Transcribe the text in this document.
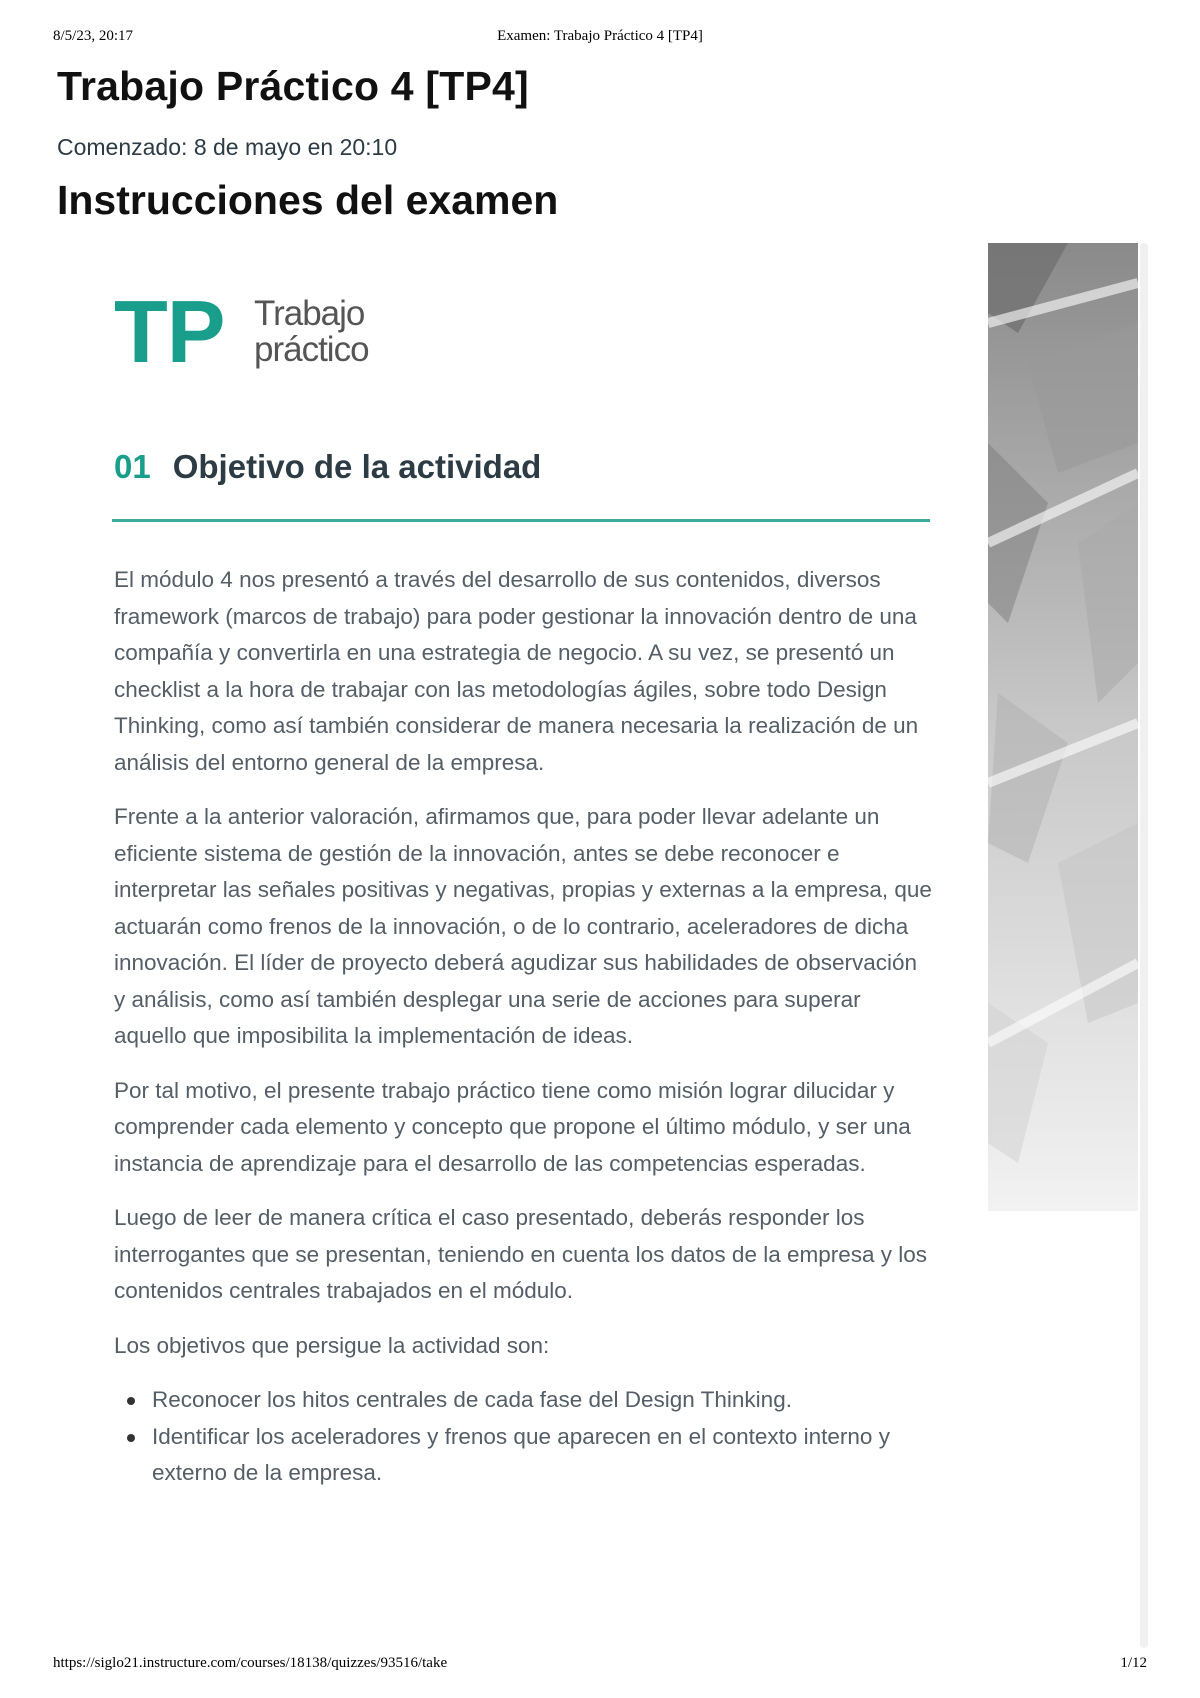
8/5/23, 20:17	Examen: Trabajo Práctico 4 [TP4]
Trabajo Práctico 4 [TP4]
Comenzado: 8 de mayo en 20:10
Instrucciones del examen
TP Trabajo
práctico
01 Objetivo de la actividad

El módulo 4 nos presentó a través del desarrollo de sus contenidos, diversos framework (marcos de trabajo) para poder gestionar la innovación dentro de una compañía y convertirla en una estrategia de negocio. A su vez, se presentó un checklist a la hora de trabajar con las metodologías ágiles, sobre todo Design Thinking, como así también considerar de manera necesaria la realización de un análisis del entorno general de la empresa.

Frente a la anterior valoración, afirmamos que, para poder llevar adelante un eficiente sistema de gestión de la innovación, antes se debe reconocer e interpretar las señales positivas y negativas, propias y externas a la empresa, que actuarán como frenos de la innovación, o de lo contrario, aceleradores de dicha innovación. El líder de proyecto deberá agudizar sus habilidades de observación y análisis, como así también desplegar una serie de acciones para superar aquello que imposibilita la implementación de ideas.

Por tal motivo, el presente trabajo práctico tiene como misión lograr dilucidar y comprender cada elemento y concepto que propone el último módulo, y ser una instancia de aprendizaje para el desarrollo de las competencias esperadas.

Luego de leer de manera crítica el caso presentado, deberás responder los interrogantes que se presentan, teniendo en cuenta los datos de la empresa y los contenidos centrales trabajados en el módulo.

Los objetivos que persigue la actividad son:

Reconocer los hitos centrales de cada fase del Design Thinking.
Identificar los aceleradores y frenos que aparecen en el contexto interno y externo de la empresa.
https://siglo21.instructure.com/courses/18138/quizzes/93516/take	1/12
